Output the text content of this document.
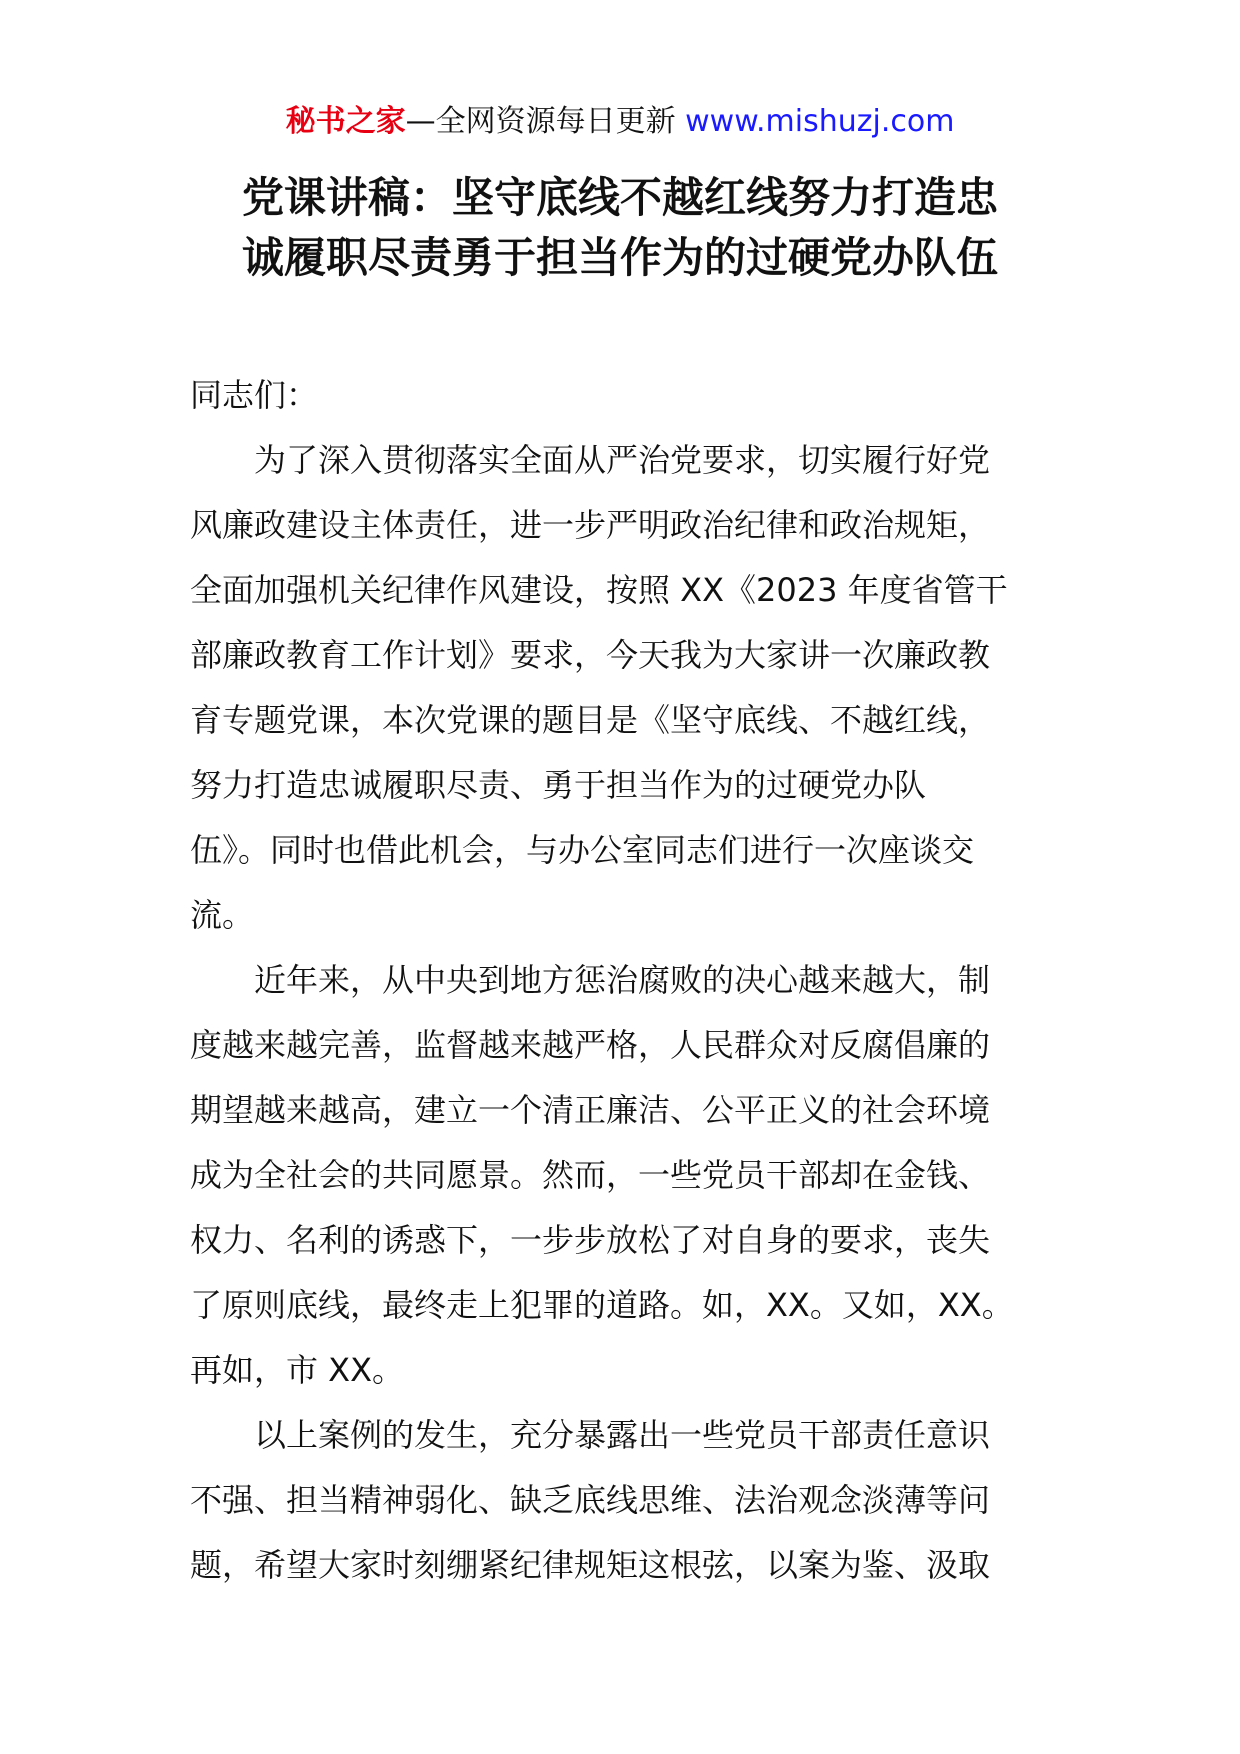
秘书之家—全网资源每日更新 www.mishuzj.com
党课讲稿：坚守底线不越红线努力打造忠
诚履职尽责勇于担当作为的过硬党办队伍

同志们：

为了深入贯彻落实全面从严治党要求，切实履行好党
风廉政建设主体责任，进一步严明政治纪律和政治规矩，
全面加强机关纪律作风建设，按照 XX《2023 年度省管干
部廉政教育工作计划》要求，今天我为大家讲一次廉政教
育专题党课，本次党课的题目是《坚守底线、不越红线，
努力打造忠诚履职尽责、勇于担当作为的过硬党办队
伍》。同时也借此机会，与办公室同志们进行一次座谈交
流。

近年来，从中央到地方惩治腐败的决心越来越大，制
度越来越完善，监督越来越严格，人民群众对反腐倡廉的
期望越来越高，建立一个清正廉洁、公平正义的社会环境
成为全社会的共同愿景。然而，一些党员干部却在金钱、
权力、名利的诱惑下，一步步放松了对自身的要求，丧失
了原则底线，最终走上犯罪的道路。如，XX。又如，XX。
再如，市 XX。

以上案例的发生，充分暴露出一些党员干部责任意识
不强、担当精神弱化、缺乏底线思维、法治观念淡薄等问
题，希望大家时刻绷紧纪律规矩这根弦，以案为鉴、汲取
